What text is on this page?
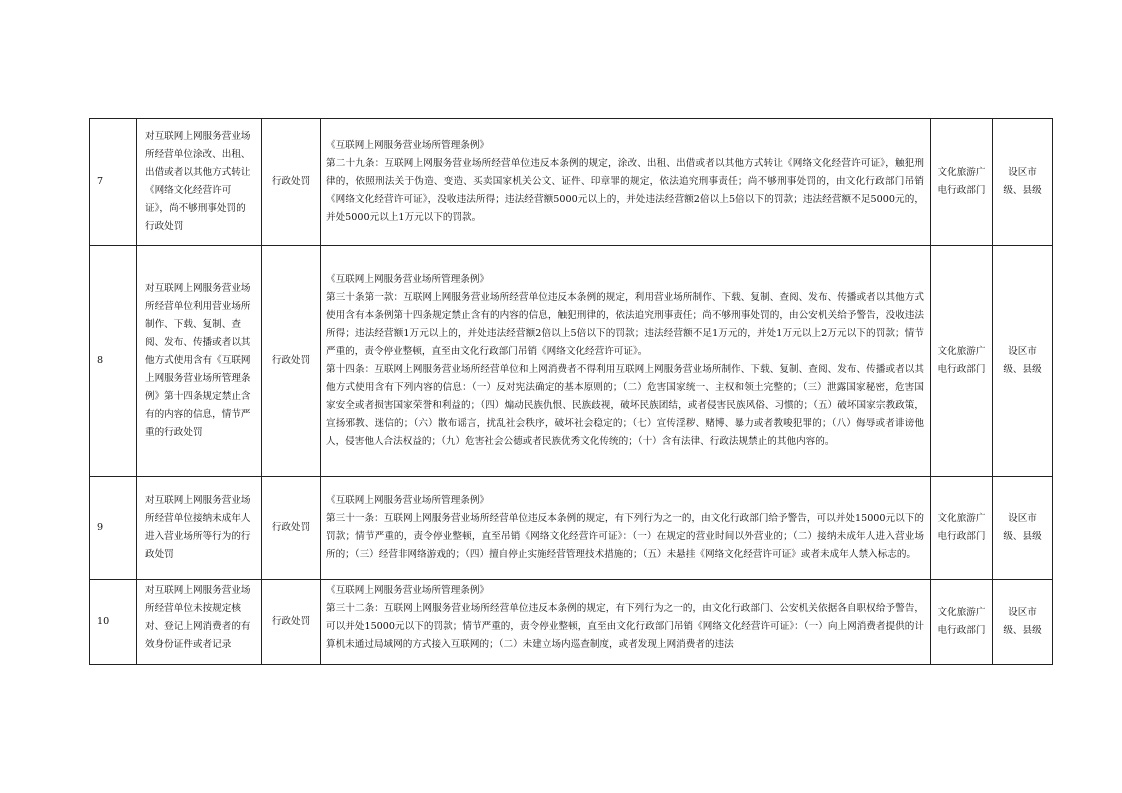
7	对互联网上网服务营业场所经营单位涂改、出租、出借或者以其他方式转让《网络文化经营许可证》，尚不够刑事处罚的行政处罚	行政处罚	《互联网上网服务营业场所管理条例》

第二十九条：互联网上网服务营业场所经营单位违反本条例的规定，涂改、出租、出借或者以其他方式转让《网络文化经营许可证》，触犯刑律的，依照刑法关于伪造、变造、买卖国家机关公文、证件、印章罪的规定，依法追究刑事责任；尚不够刑事处罚的，由文化行政部门吊销《网络文化经营许可证》，没收违法所得；违法经营额5000元以上的，并处违法经营额2倍以上5倍以下的罚款；违法经营额不足5000元的，并处5000元以上1万元以下的罚款。	文化旅游广电行政部门	设区市级、县级
8	对互联网上网服务营业场所经营单位利用营业场所制作、下载、复制、查阅、发布、传播或者以其他方式使用含有《互联网上网服务营业场所管理条例》第十四条规定禁止含有的内容的信息，情节严重的行政处罚	行政处罚	《互联网上网服务营业场所管理条例》

第三十条第一款：互联网上网服务营业场所经营单位违反本条例的规定，利用营业场所制作、下载、复制、查阅、发布、传播或者以其他方式使用含有本条例第十四条规定禁止含有的内容的信息，触犯刑律的，依法追究刑事责任；尚不够刑事处罚的，由公安机关给予警告，没收违法所得；违法经营额1万元以上的，并处违法经营额2倍以上5倍以下的罚款；违法经营额不足1万元的，并处1万元以上2万元以下的罚款；情节严重的，责令停业整顿，直至由文化行政部门吊销《网络文化经营许可证》。

第十四条：互联网上网服务营业场所经营单位和上网消费者不得利用互联网上网服务营业场所制作、下载、复制、查阅、发布、传播或者以其他方式使用含有下列内容的信息：（一）反对宪法确定的基本原则的；（二）危害国家统一、主权和领土完整的；（三）泄露国家秘密，危害国家安全或者损害国家荣誉和利益的；（四）煽动民族仇恨、民族歧视，破坏民族团结，或者侵害民族风俗、习惯的；（五）破坏国家宗教政策，宣扬邪教、迷信的；（六）散布谣言，扰乱社会秩序，破坏社会稳定的；（七）宣传淫秽、赌博、暴力或者教唆犯罪的；（八）侮辱或者诽谤他人，侵害他人合法权益的；（九）危害社会公德或者民族优秀文化传统的；（十）含有法律、行政法规禁止的其他内容的。	文化旅游广电行政部门	设区市级、县级
9	对互联网上网服务营业场所经营单位接纳未成年人进入营业场所等行为的行政处罚	行政处罚	《互联网上网服务营业场所管理条例》

第三十一条：互联网上网服务营业场所经营单位违反本条例的规定，有下列行为之一的，由文化行政部门给予警告，可以并处15000元以下的罚款；情节严重的，责令停业整顿，直至吊销《网络文化经营许可证》：（一）在规定的营业时间以外营业的；（二）接纳未成年人进入营业场所的；（三）经营非网络游戏的；（四）擅自停止实施经营管理技术措施的；（五）未悬挂《网络文化经营许可证》或者未成年人禁入标志的。	文化旅游广电行政部门	设区市级、县级
10	对互联网上网服务营业场所经营单位未按规定核对、登记上网消费者的有效身份证件或者记录	行政处罚	《互联网上网服务营业场所管理条例》

第三十二条：互联网上网服务营业场所经营单位违反本条例的规定，有下列行为之一的，由文化行政部门、公安机关依据各自职权给予警告，可以并处15000元以下的罚款；情节严重的，责令停业整顿，直至由文化行政部门吊销《网络文化经营许可证》：（一）向上网消费者提供的计算机未通过局域网的方式接入互联网的；（二）未建立场内巡查制度，或者发现上网消费者的违法	文化旅游广电行政部门	设区市级、县级
